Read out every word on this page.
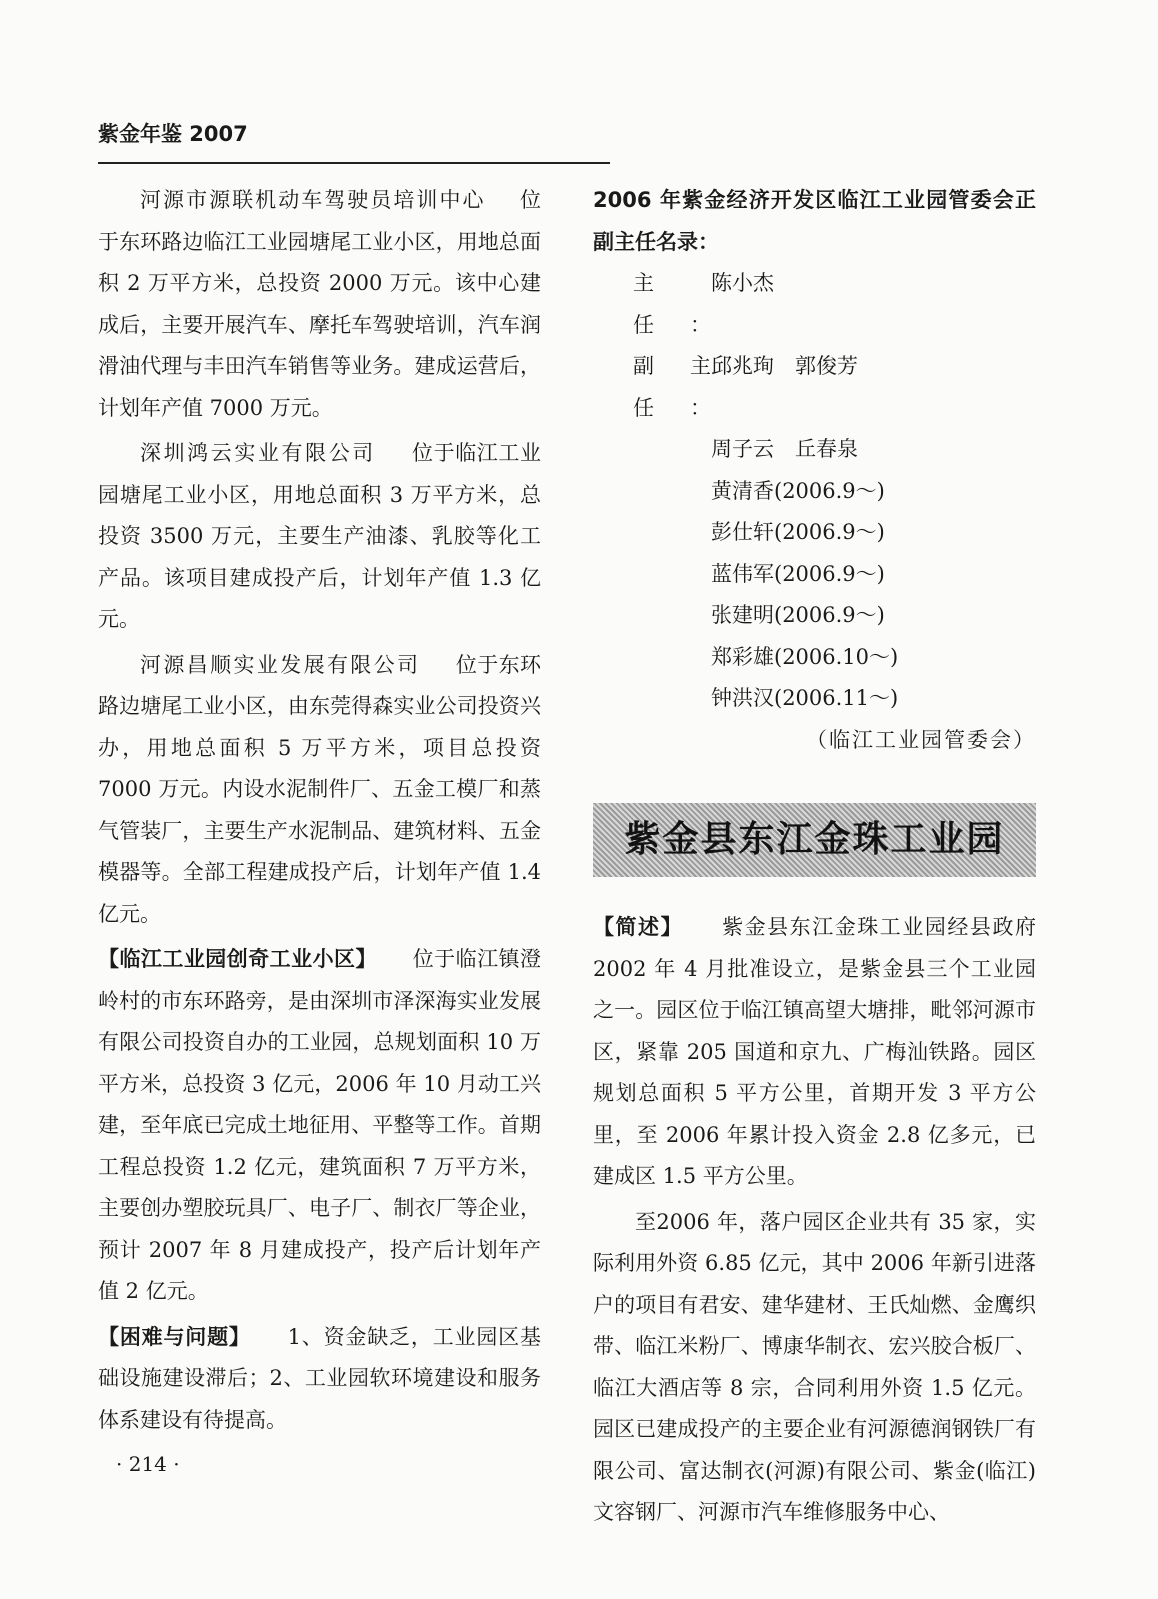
紫金年鉴 2007

河源市源联机动车驾驶员培训中心 　 位于东环路边临江工业园塘尾工业小区，用地总面积 2 万平方米，总投资 2000 万元。该中心建成后，主要开展汽车、摩托车驾驶培训，汽车润滑油代理与丰田汽车销售等业务。建成运营后，计划年产值 7000 万元。

深圳鸿云实业有限公司 　 位于临江工业园塘尾工业小区，用地总面积 3 万平方米，总投资 3500 万元，主要生产油漆、乳胶等化工产品。该项目建成投产后，计划年产值 1.3 亿元。

河源昌顺实业发展有限公司 　 位于东环路边塘尾工业小区，由东莞得森实业公司投资兴办，用地总面积 5 万平方米，项目总投资 7000 万元。内设水泥制件厂、五金工模厂和蒸气管装厂，主要生产水泥制品、建筑材料、五金模器等。全部工程建成投产后，计划年产值 1.4亿元。

【临江工业园创奇工业小区】 　 位于临江镇澄岭村的市东环路旁，是由深圳市泽深海实业发展有限公司投资自办的工业园，总规划面积 10 万平方米，总投资 3 亿元，2006 年 10 月动工兴建，至年底已完成土地征用、平整等工作。首期工程总投资 1.2 亿元，建筑面积 7 万平方米，主要创办塑胶玩具厂、电子厂、制衣厂等企业，预计 2007 年 8 月建成投产，投产后计划年产值 2 亿元。

【困难与问题】 　 1、资金缺乏，工业园区基础设施建设滞后；2、工业园软环境建设和服务体系建设有待提高。

2006 年紫金经济开发区临江工业园管委会正副主任名录：

主　任：
陈小杰
副主任：
邱兆珣　郭俊芳
周子云　丘春泉
黄清香(2006.9～)
彭仕轩(2006.9～)
蓝伟军(2006.9～)
张建明(2006.9～)
郑彩雄(2006.10～)
钟洪汉(2006.11～)

（临江工业园管委会）

紫金县东江金珠工业园

【简述】 　 紫金县东江金珠工业园经县政府 2002 年 4 月批准设立，是紫金县三个工业园之一。园区位于临江镇高望大塘排，毗邻河源市区，紧靠 205 国道和京九、广梅汕铁路。园区规划总面积 5 平方公里，首期开发 3 平方公里，至 2006 年累计投入资金 2.8 亿多元，已建成区 1.5 平方公里。

至2006 年，落户园区企业共有 35 家，实际利用外资 6.85 亿元，其中 2006 年新引进落户的项目有君安、建华建材、王氏灿燃、金鹰织带、临江米粉厂、博康华制衣、宏兴胶合板厂、临江大酒店等 8 宗，合同利用外资 1.5 亿元。园区已建成投产的主要企业有河源德润钢铁厂有限公司、富达制衣(河源)有限公司、紫金(临江)文容钢厂、河源市汽车维修服务中心、

· 214 ·
